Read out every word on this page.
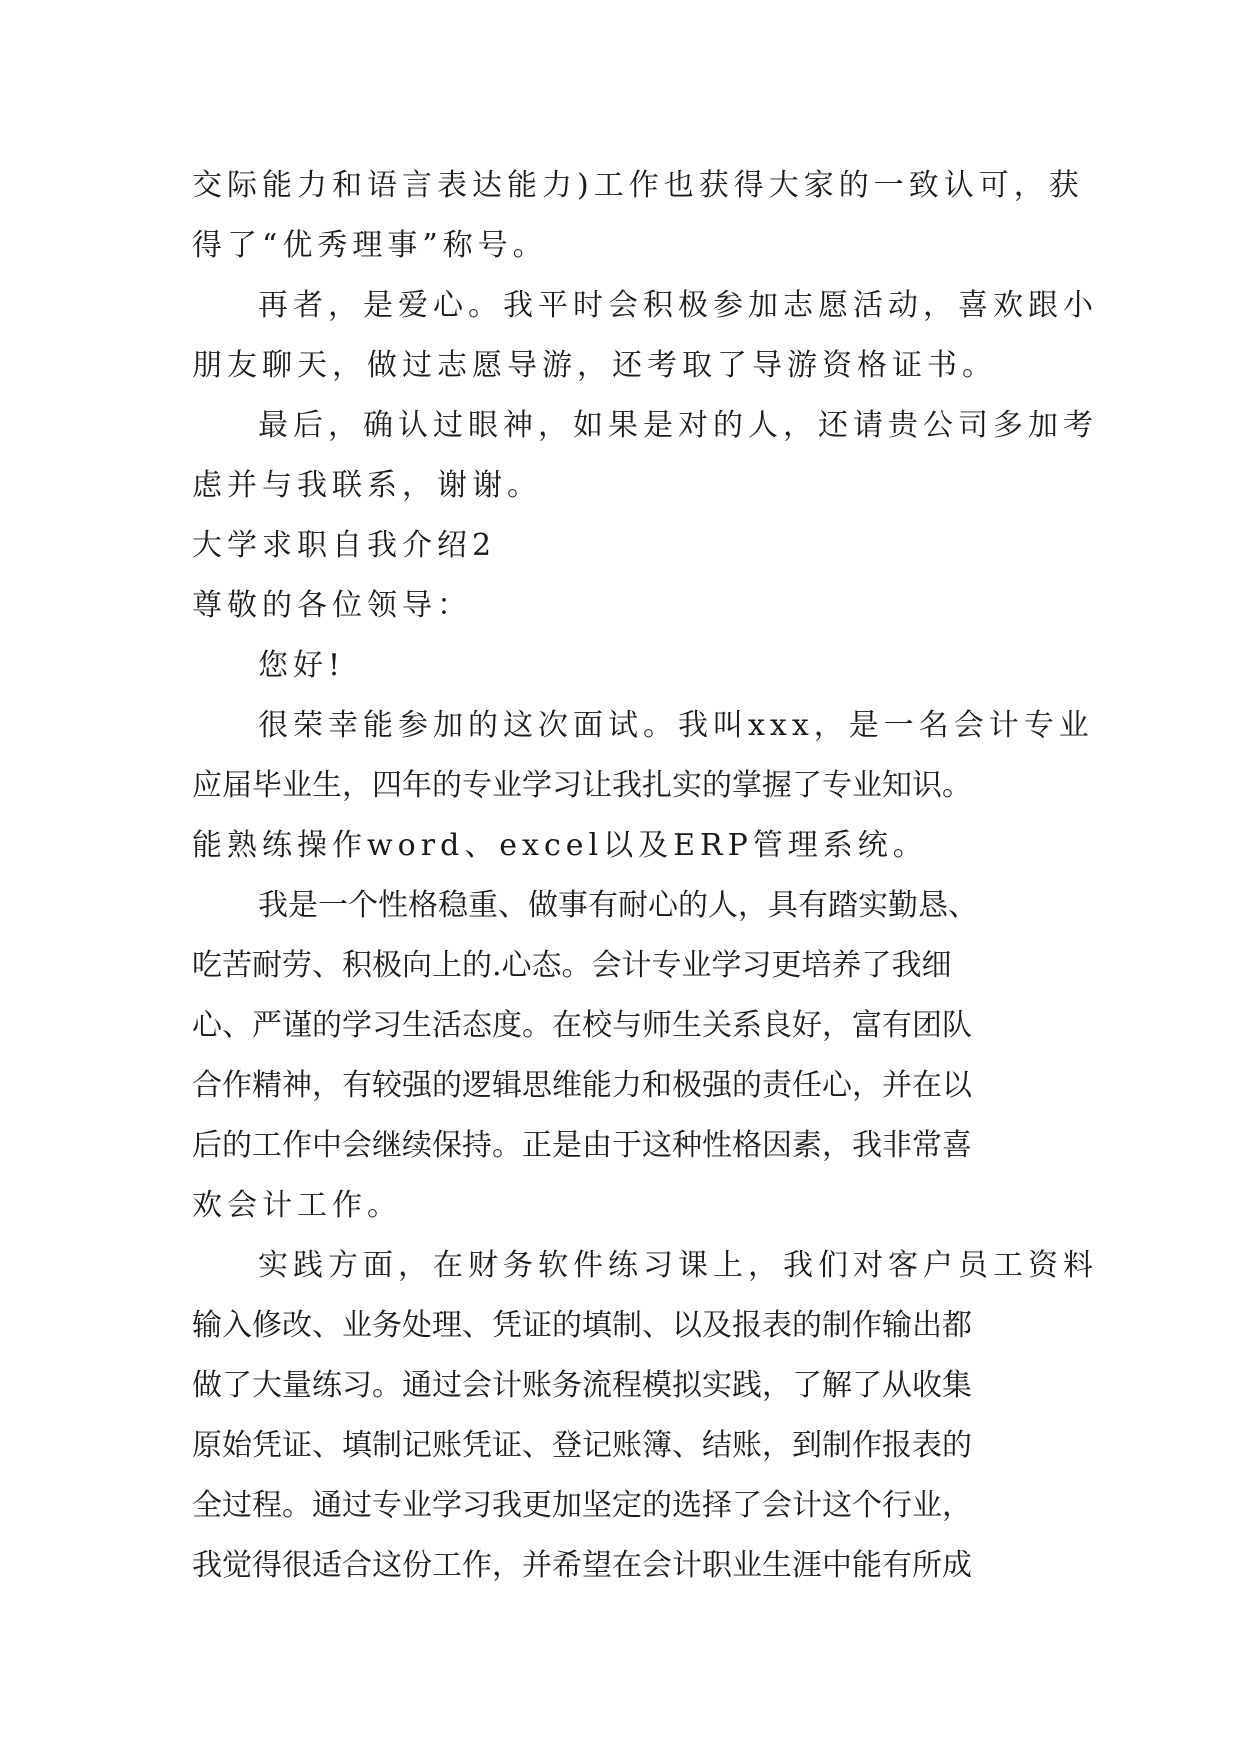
交际能力和语言表达能力)工作也获得大家的一致认可，获
得了“优秀理事”称号。
再者，是爱心。我平时会积极参加志愿活动，喜欢跟小
朋友聊天，做过志愿导游，还考取了导游资格证书。
最后，确认过眼神，如果是对的人，还请贵公司多加考
虑并与我联系，谢谢。
大学求职自我介绍2
尊敬的各位领导：
您好!
很荣幸能参加的这次面试。我叫xxx，是一名会计专业
应届毕业生，四年的专业学习让我扎实的掌握了专业知识。
能熟练操作word、excel以及ERP管理系统。
我是一个性格稳重、做事有耐心的人，具有踏实勤恳、
吃苦耐劳、积极向上的.心态。会计专业学习更培养了我细
心、严谨的学习生活态度。在校与师生关系良好，富有团队
合作精神，有较强的逻辑思维能力和极强的责任心，并在以
后的工作中会继续保持。正是由于这种性格因素，我非常喜
欢会计工作。
实践方面，在财务软件练习课上，我们对客户员工资料
输入修改、业务处理、凭证的填制、以及报表的制作输出都
做了大量练习。通过会计账务流程模拟实践，了解了从收集
原始凭证、填制记账凭证、登记账簿、结账，到制作报表的
全过程。通过专业学习我更加坚定的选择了会计这个行业，
我觉得很适合这份工作，并希望在会计职业生涯中能有所成
